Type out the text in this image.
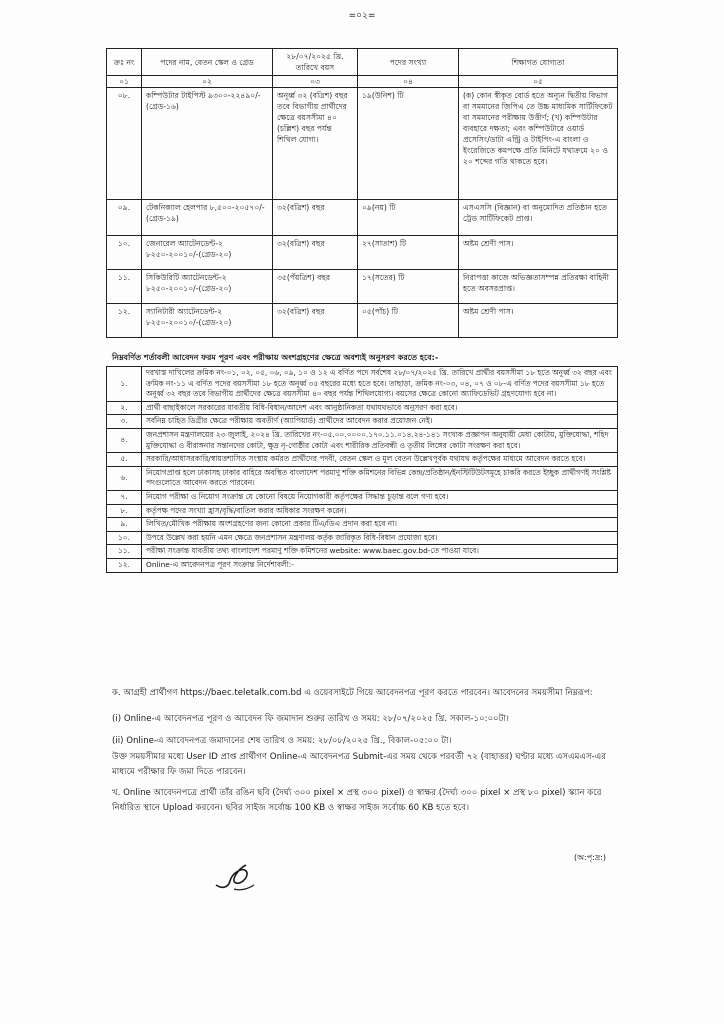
=০২=
ক্রঃ নং	পদের নাম, বেতন স্কেল ও গ্রেড	২৮/০৭/২০২৫ খ্রি. তারিখে বয়স	পদের সংখ্যা	শিক্ষাগত যোগ্যতা
০১	০২	০৩	০৪	০৫
০৮.	কম্পিউটার টাইপিস্ট ৯৩০০-২২৪৯০/-(গ্রেড-১৬)	অনূর্ধ্ব ৩২ (বত্রিশ) বছর তবে বিভাগীয় প্রার্থীদের ক্ষেত্রে বয়সসীমা ৪০ (চল্লিশ) বছর পর্যন্ত শিথিল যোগ্য।	১৯(উনিশ) টি	(ক) কোন স্বীকৃত বোর্ড হতে অন্যূন দ্বিতীয় বিভাগ বা সমমানের জিপিএ তে উচ্চ মাধ্যমিক সার্টিফিকেট বা সমমানের পরীক্ষায় উত্তীর্ণ; (খ) কম্পিউটার ব্যবহারে দক্ষতা; এবং কম্পিউটারে ওয়ার্ড প্রসেসিং/ডাটা এন্ট্রি ও টাইপিং-এ বাংলা ও ইংরেজিতে কমপক্ষে প্রতি মিনিটে যথাক্রমে ২০ ও ২০ শব্দের গতি থাকতে হবে।
০৯.	টেকনিক্যাল হেলপার ৮,৫০০-২০৫৭০/-(গ্রেড-১৯)	৩২(বত্রিশ) বছর	০৯(নয়) টি	এসএসসি (বিজ্ঞান) বা অনুমোদিত প্রতিষ্ঠান হতে ট্রেড সার্টিফিকেট প্রাপ্ত।
১০.	জেনারেল অ্যাটেনডেন্ট-২ ৮২৫০-২০০১০/-(গ্রেড-২০)	৩২(বত্রিশ) বছর	২৭(সাতাশ) টি	অষ্টম শ্রেণী পাস।
১১.	সিকিউরিটি অ্যাটেনডেন্ট-২ ৮২৫০-২০০১০/-(গ্রেড-২০)	৩৫(পঁয়ত্রিশ) বছর	১৭(সতের) টি	নিরাপত্তা কাজে অভিজ্ঞতাসম্পন্ন প্রতিরক্ষা বাহিনী হতে অবসরপ্রাপ্ত।
১২.	স্যানিটারী অ্যাটেনডেন্ট-২ ৮২৫০-২০০১০/-(গ্রেড-২০)	৩২(বত্রিশ) বছর	০৫(পাঁচ) টি	অষ্টম শ্রেণী পাস।
নিম্নবর্ণিত শর্তাবলী আবেদন ফরম পূরণ এবং পরীক্ষায় অংশগ্রহণের ক্ষেত্রে অবশ্যই অনুসরণ করতে হবে:-
১.	দরখাস্ত দাখিলের ক্রমিক নং-০১, ০২, ০৫, ০৬, ০৯, ১০ ও ১২ এ বর্ণিত পদে সর্বশেষ ২৮/০৭/২০২৫ খ্রি. তারিখে প্রার্থীর বয়সসীমা ১৮ হতে অনূর্ধ্ব ৩২ বছর এবং ক্রমিক নং-১১ এ বর্ণিত পদের বয়সসীমা ১৮ হতে অনূর্ধ্ব ৩৫ বছরের মধ্যে হতে হবে। তাছাড়া, ক্রমিক নং-০৩, ০৪, ০৭ ও ০৮-এ বর্ণিত পদের বয়সসীমা ১৮ হতে অনূর্ধ্ব ৩২ বছর তবে বিভাগীয় প্রার্থীদের ক্ষেত্রে বয়সসীমা ৪০ বছর পর্যন্ত শিথিলযোগ্য। বয়সের ক্ষেত্রে কোনো অ্যাফিডেভিট গ্রহণযোগ্য হবে না।
২.	প্রার্থী বাছাইকালে সরকারের যাবতীয় বিধি-বিধান/আদেশ এবং আনুষ্ঠানিকতা যথাযথভাবে অনুসরণ করা হবে।
৩.	সর্বনিম্ন চাহিত ডিগ্রীর ক্ষেত্রে পরীক্ষায় অবতীর্ণ (অ্যাপিয়ার্ড) প্রার্থীদের আবেদন করার প্রয়োজন নেই।
৪.	জনপ্রশাসন মন্ত্রণালয়ের ২৩ জুলাই, ২০২৪ খ্রি. তারিখের নং-০৫.০০.০০০০.১৭০.১১.০১৪.২৪-১৪১ সংখ্যক প্রজ্ঞাপন অনুযায়ী মেধা কোটায়, মুক্তিযোদ্ধা, শহিদ মুক্তিযোদ্ধা ও বীরাঙ্গনার সন্তানদের কোটা, ক্ষুদ্র নৃ-গোষ্ঠীর কোটা এবং শারীরিক প্রতিবন্ধী ও তৃতীয় লিঙ্গের কোটা সংরক্ষণ করা হবে।
৫.	সরকারি/আধাসরকারি/স্বায়ত্তশাসিত সংস্থায় কর্মরত প্রার্থীদের পদবী, বেতন স্কেল ও মূল বেতন উল্লেখপূর্বক যথাযথ কর্তৃপক্ষের মাধ্যমে আবেদন করতে হবে।
৬.	নিয়োগপ্রাপ্ত হলে ঢাকাসহ ঢাকার বাহিরে অবস্থিত বাংলাদেশ পরমাণু শক্তি কমিশনের বিভিন্ন কেন্দ্র/প্রতিষ্ঠান/ইনস্টিটিউটসমূহে চাকরি করতে ইচ্ছুক প্রার্থীগণই সংশ্লিষ্ট পদগুলোতে আবেদন করতে পারবেন।
৭.	নিয়োগ পরীক্ষা ও নিয়োগ সংক্রান্ত যে কোনো বিষয়ে নিয়োগকারী কর্তৃপক্ষের সিদ্ধান্ত চূড়ান্ত বলে গণ্য হবে।
৮.	কর্তৃপক্ষ পদের সংখ্যা হ্রাস/বৃদ্ধি/বাতিল করার অধিকার সংরক্ষণ করেন।
৯.	লিখিত/মৌখিক পরীক্ষায় অংশগ্রহণের জন্য কোনো প্রকার টিএ/ডিএ প্রদান করা হবে না।
১০.	উপরে উল্লেখ করা হয়নি এমন ক্ষেত্রে জনপ্রশাসন মন্ত্রণালয় কর্তৃক জারিকৃত বিধি-বিধান প্রযোজ্য হবে।
১১.	পরীক্ষা সংক্রান্ত যাবতীয় তথ্য বাংলাদেশ পরমাণু শক্তি কমিশনের website: www.baec.gov.bd-তে পাওয়া যাবে।
১২.	Online-এ আবেদনপত্র পূরণ সংক্রান্ত নির্দেশাবলী:-
ক. আগ্রহী প্রার্থীগণ https://baec.teletalk.com.bd এ ওয়েবসাইটে গিয়ে আবেদনপত্র পূরণ করতে পারবেন। আবেদনের সময়সীমা নিম্নরূপ:
(i) Online-এ আবেদনপত্র পূরণ ও আবেদন ফি জমাদান শুরুর তারিখ ও সময়: ২৮/০৭/২০২৫ খ্রি. সকাল-১০:০০টা।
(ii) Online-এ আবেদনপত্র জমাদানের শেষ তারিখ ও সময়: ২৮/০৮/২০২৫ খ্রি., বিকাল-০৫:০০ টা।
উক্ত সময়সীমার মধ্যে User ID প্রাপ্ত প্রার্থীগণ Online-এ আবেদনপত্র Submit-এর সময় থেকে পরবর্তী ৭২ (বাহাত্তর) ঘণ্টার মধ্যে এসএমএস-এর মাধ্যমে পরীক্ষার ফি জমা দিতে পারবেন।
খ. Online আবেদনপত্রে প্রার্থী তাঁর রঙিন ছবি (দৈর্ঘ্য ৩০০ pixel × প্রস্থ ৩০০ pixel) ও স্বাক্ষর (দৈর্ঘ্য ৩০০ pixel × প্রস্থ ৮০ pixel) স্ক্যান করে নির্ধারিত স্থানে Upload করবেন। ছবির সাইজ সর্বোচ্চ 100 KB ও স্বাক্ষর সাইজ সর্বোচ্চ 60 KB হতে হবে।
(অ:পৃ:দ্র:)
